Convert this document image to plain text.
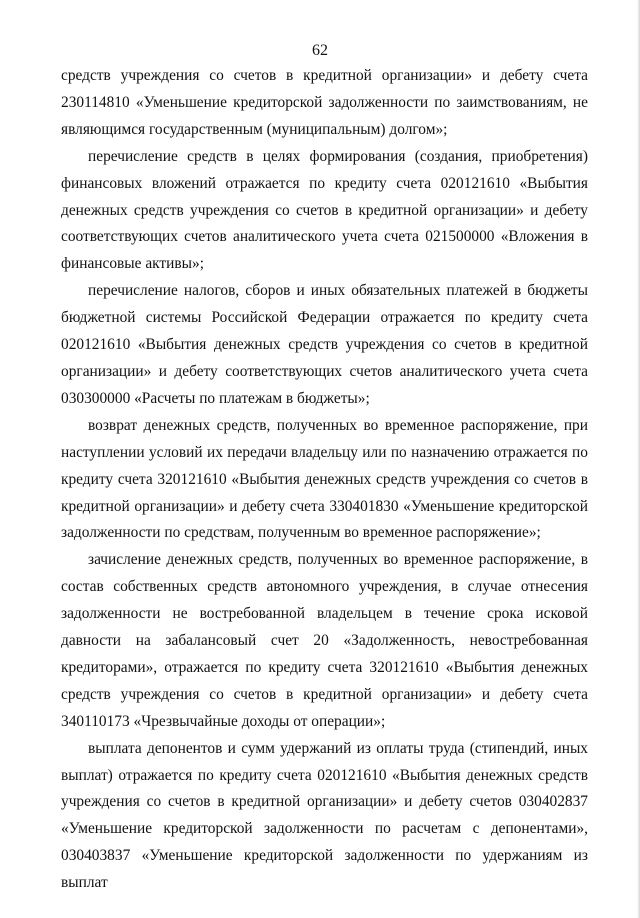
62

средств учреждения со счетов в кредитной организации» и дебету счета 230114810 «Уменьшение кредиторской задолженности по заимствованиям, не являющимся государственным (муниципальным) долгом»;

перечисление средств в целях формирования (создания, приобретения) финансовых вложений отражается по кредиту счета 020121610 «Выбытия денежных средств учреждения со счетов в кредитной организации» и дебету соответствующих счетов аналитического учета счета 021500000 «Вложения в финансовые активы»;

перечисление налогов, сборов и иных обязательных платежей в бюджеты бюджетной системы Российской Федерации отражается по кредиту счета 020121610 «Выбытия денежных средств учреждения со счетов в кредитной организации» и дебету соответствующих счетов аналитического учета счета 030300000 «Расчеты по платежам в бюджеты»;

возврат денежных средств, полученных во временное распоряжение, при наступлении условий их передачи владельцу или по назначению отражается по кредиту счета 320121610 «Выбытия денежных средств учреждения со счетов в кредитной организации» и дебету счета 330401830 «Уменьшение кредиторской задолженности по средствам, полученным во временное распоряжение»;

зачисление денежных средств, полученных во временное распоряжение, в состав собственных средств автономного учреждения, в случае отнесения задолженности не востребованной владельцем в течение срока исковой давности на забалансовый счет 20 «Задолженность, невостребованная кредиторами», отражается по кредиту счета 320121610 «Выбытия денежных средств учреждения со счетов в кредитной организации» и дебету счета 340110173 «Чрезвычайные доходы от операции»;

выплата депонентов и сумм удержаний из оплаты труда (стипендий, иных выплат) отражается по кредиту счета 020121610 «Выбытия денежных средств учреждения со счетов в кредитной организации» и дебету счетов 030402837 «Уменьшение кредиторской задолженности по расчетам с депонентами», 030403837 «Уменьшение кредиторской задолженности по удержаниям из выплат
